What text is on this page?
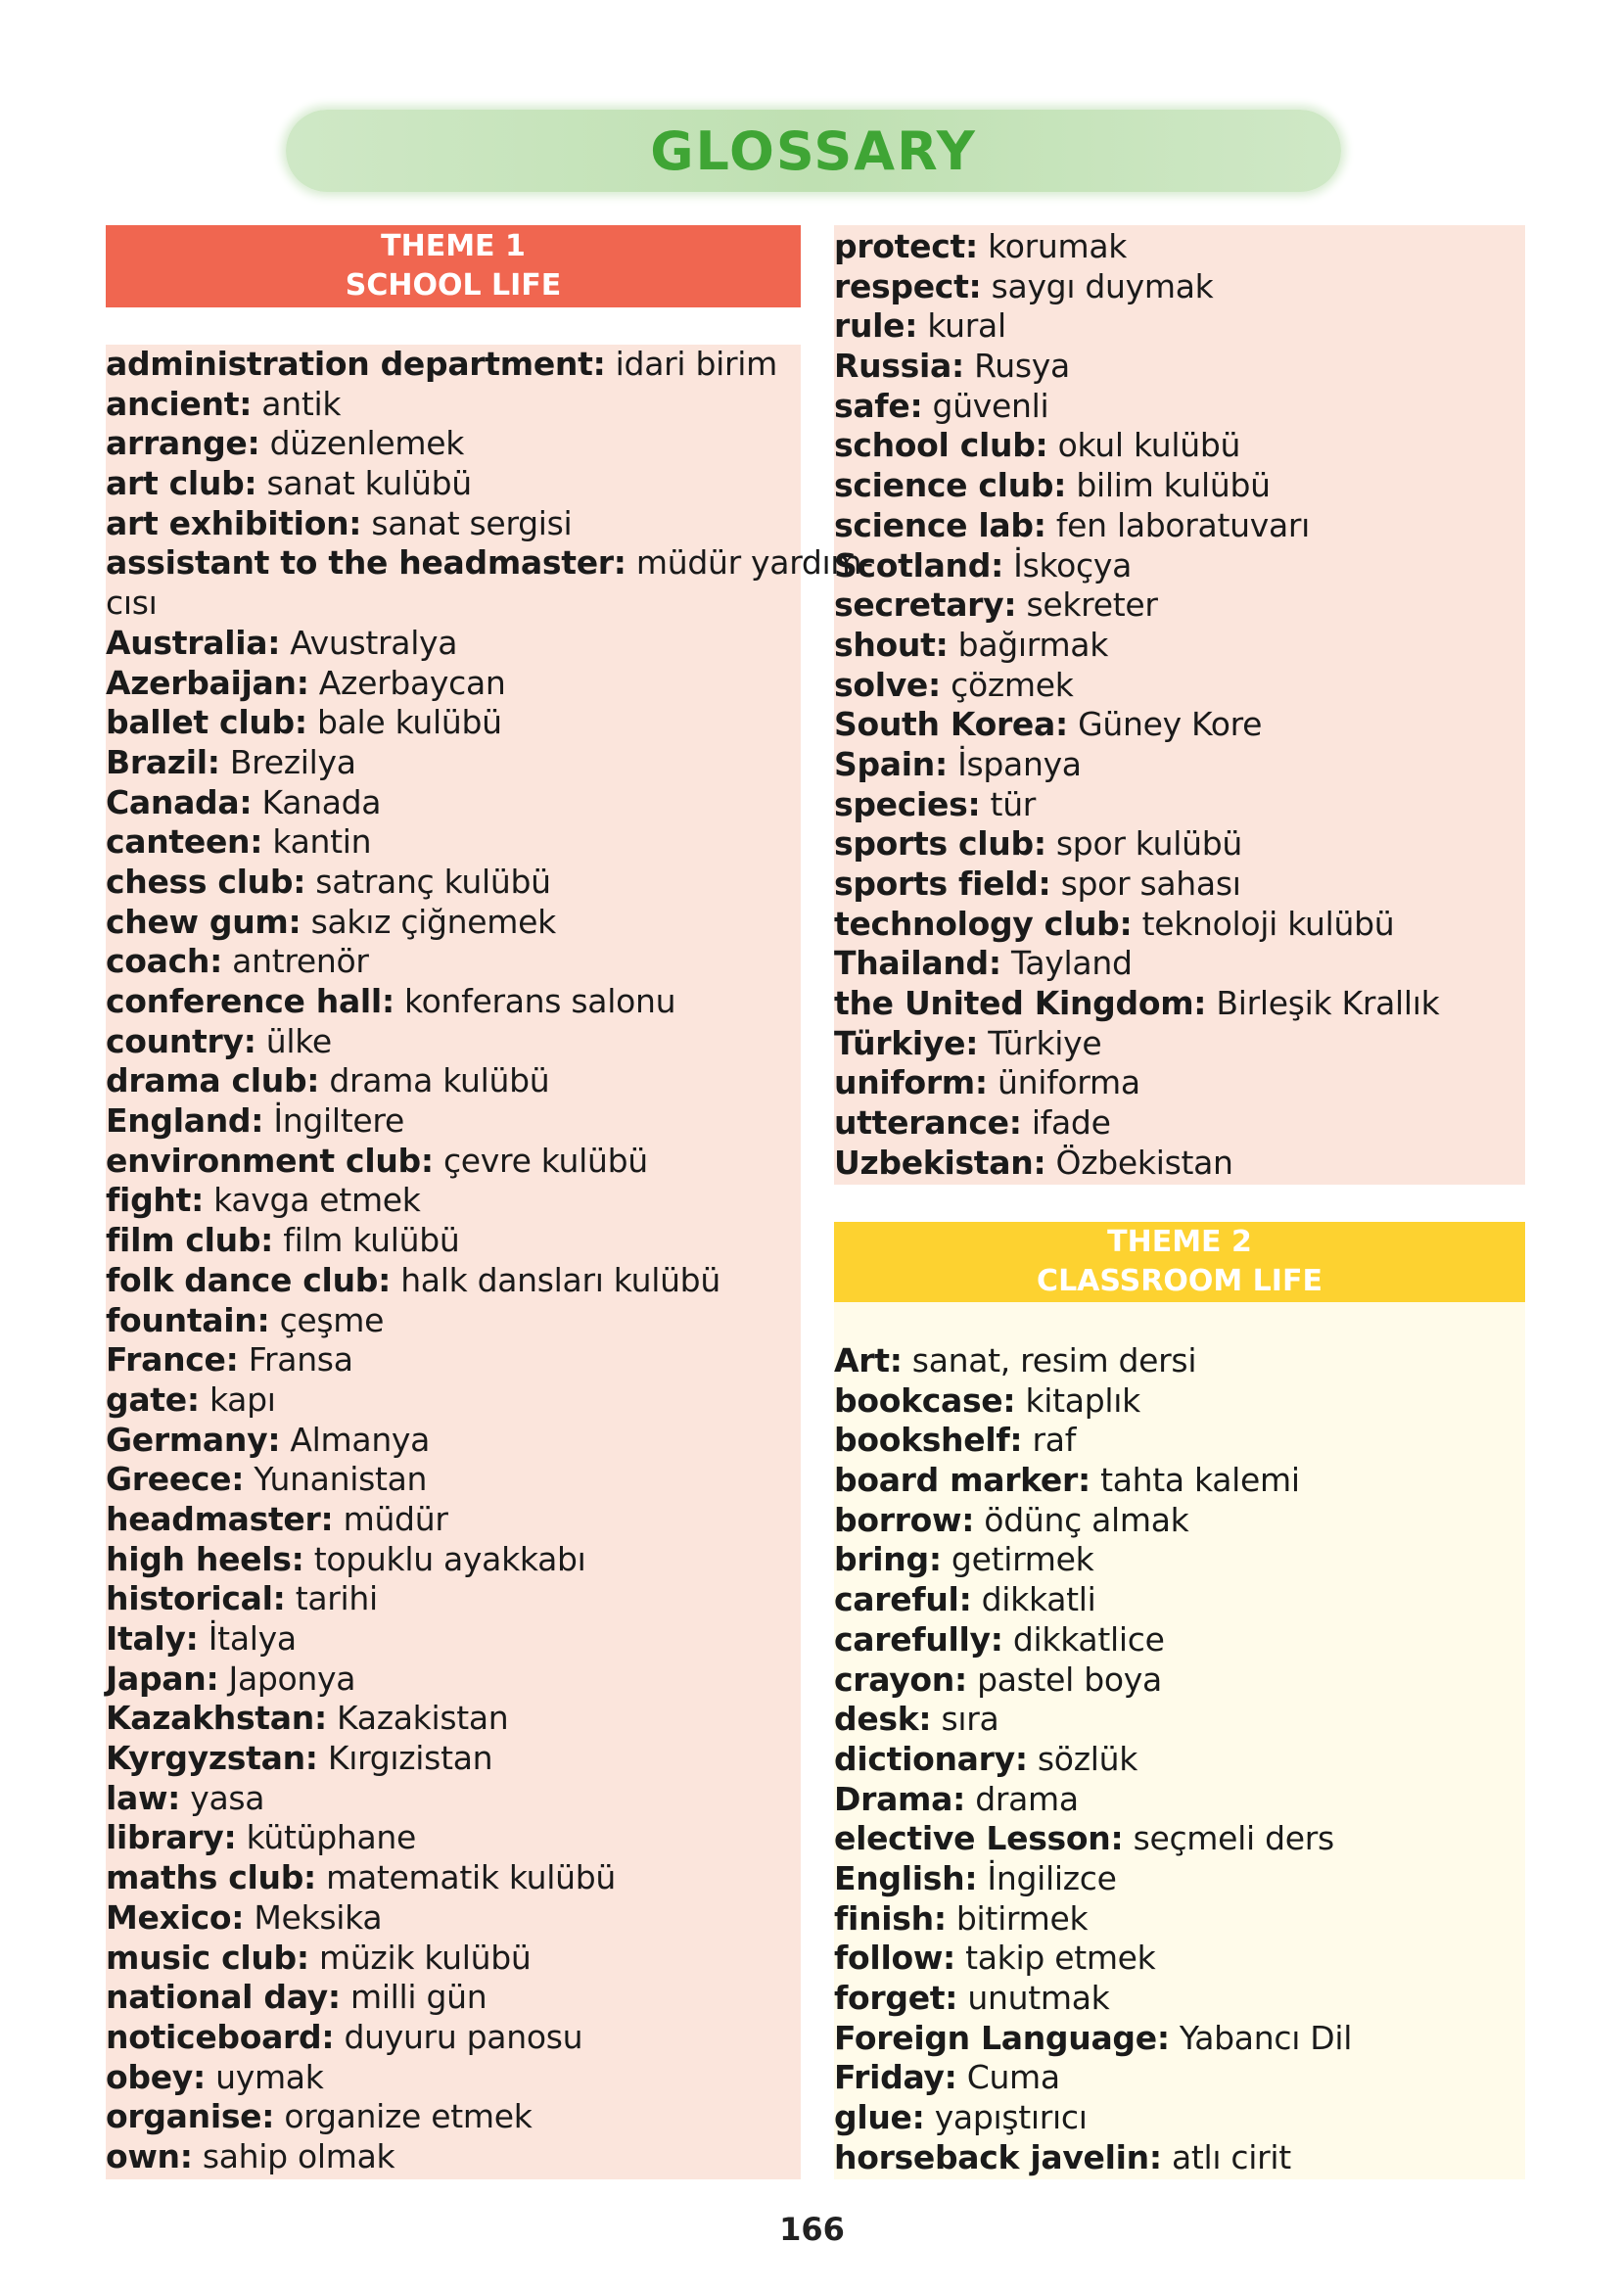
GLOSSARY
THEME 1
SCHOOL LIFE
THEME 2
CLASSROOM LIFE
administration department: idari birim
ancient: antik
arrange: düzenlemek
art club: sanat kulübü
art exhibition: sanat sergisi
assistant to the headmaster: müdür yardım-
cısı
Australia: Avustralya
Azerbaijan: Azerbaycan
ballet club: bale kulübü
Brazil: Brezilya
Canada: Kanada
canteen: kantin
chess club: satranç kulübü
chew gum: sakız çiğnemek
coach: antrenör
conference hall: konferans salonu
country: ülke
drama club: drama kulübü
England: İngiltere
environment club: çevre kulübü
fight: kavga etmek
film club: film kulübü
folk dance club: halk dansları kulübü
fountain: çeşme
France: Fransa
gate: kapı
Germany: Almanya
Greece: Yunanistan
headmaster: müdür
high heels: topuklu ayakkabı
historical: tarihi
Italy: İtalya
Japan: Japonya
Kazakhstan: Kazakistan
Kyrgyzstan: Kırgızistan
law: yasa
library: kütüphane
maths club: matematik kulübü
Mexico: Meksika
music club: müzik kulübü
national day: milli gün
noticeboard: duyuru panosu
obey: uymak
organise: organize etmek
own: sahip olmak
protect: korumak
respect: saygı duymak
rule: kural
Russia: Rusya
safe: güvenli
school club: okul kulübü
science club: bilim kulübü
science lab: fen laboratuvarı
Scotland: İskoçya
secretary: sekreter
shout: bağırmak
solve: çözmek
South Korea: Güney Kore
Spain: İspanya
species: tür
sports club: spor kulübü
sports field: spor sahası
technology club: teknoloji kulübü
Thailand: Tayland
the United Kingdom: Birleşik Krallık
Türkiye: Türkiye
uniform: üniforma
utterance: ifade
Uzbekistan: Özbekistan
Art: sanat, resim dersi
bookcase: kitaplık
bookshelf: raf
board marker: tahta kalemi
borrow: ödünç almak
bring: getirmek
careful: dikkatli
carefully: dikkatlice
crayon: pastel boya
desk: sıra
dictionary: sözlük
Drama: drama
elective Lesson: seçmeli ders
English: İngilizce
finish: bitirmek
follow: takip etmek
forget: unutmak
Foreign Language: Yabancı Dil
Friday: Cuma
glue: yapıştırıcı
horseback javelin: atlı cirit
166
